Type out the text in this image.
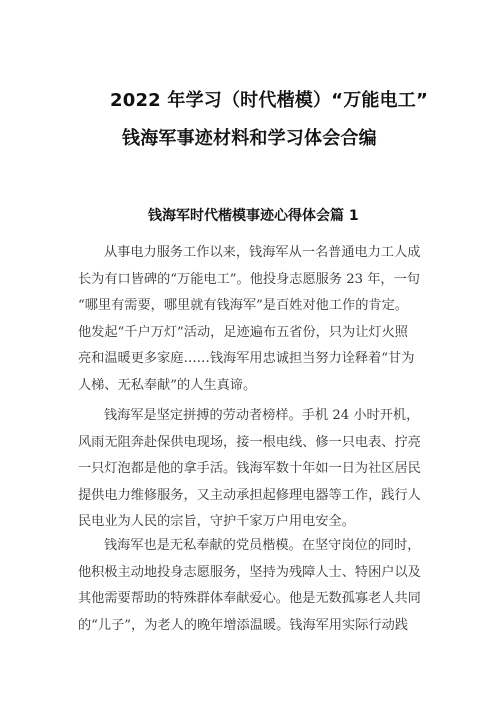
2022 年学习（时代楷模）“万能电工”
钱海军事迹材料和学习体会合编
钱海军时代楷模事迹心得体会篇 1
从事电力服务工作以来，钱海军从一名普通电力工人成
长为有口皆碑的“万能电工”。他投身志愿服务 23 年，一句
“哪里有需要，哪里就有钱海军”是百姓对他工作的肯定。
他发起“千户万灯”活动，足迹遍布五省份，只为让灯火照
亮和温暖更多家庭……钱海军用忠诚担当努力诠释着“甘为
人梯、无私奉献”的人生真谛。
钱海军是坚定拼搏的劳动者榜样。手机 24 小时开机，
风雨无阻奔赴保供电现场，接一根电线、修一只电表、拧亮
一只灯泡都是他的拿手活。钱海军数十年如一日为社区居民
提供电力维修服务，又主动承担起修理电器等工作，践行人
民电业为人民的宗旨，守护千家万户用电安全。
钱海军也是无私奉献的党员楷模。在坚守岗位的同时，
他积极主动地投身志愿服务，坚持为残障人士、特困户以及
其他需要帮助的特殊群体奉献爱心。他是无数孤寡老人共同
的“儿子”，为老人的晚年增添温暖。钱海军用实际行动践
